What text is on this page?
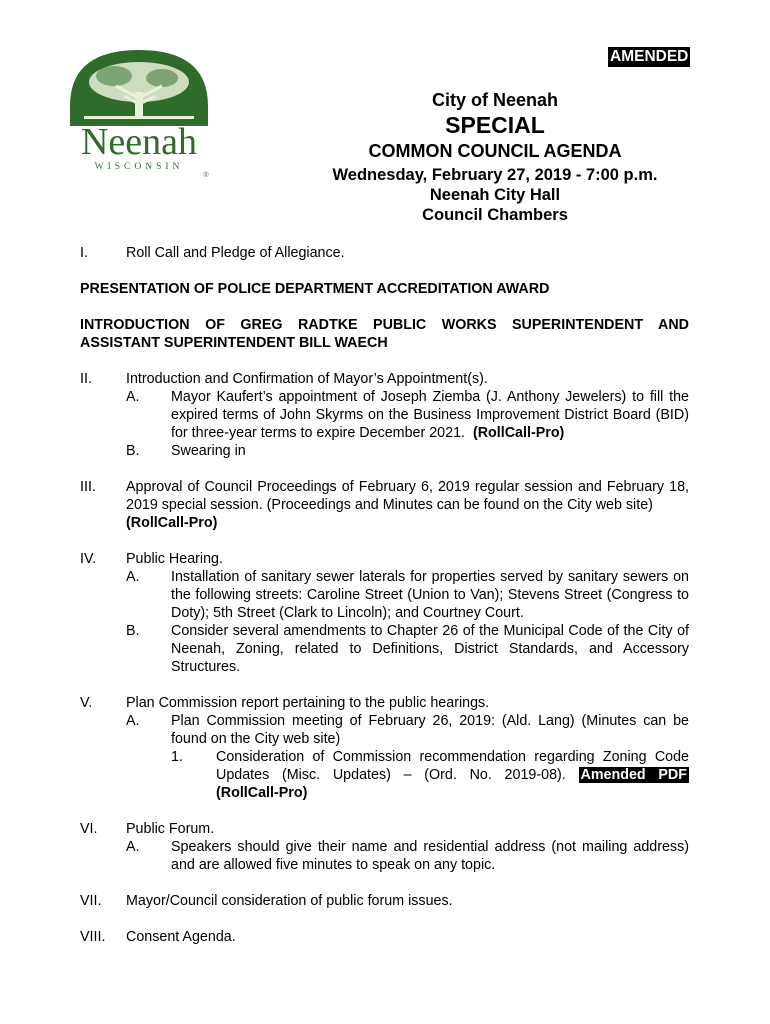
AMENDED
Neenah
WISCONSIN
®
City of Neenah
SPECIAL
COMMON COUNCIL AGENDA
Wednesday, February 27, 2019 - 7:00 p.m.
Neenah City Hall
Council Chambers
I.	Roll Call and Pledge of Allegiance.
PRESENTATION OF POLICE DEPARTMENT ACCREDITATION AWARD
INTRODUCTION OF GREG RADTKE PUBLIC WORKS SUPERINTENDENT AND
ASSISTANT SUPERINTENDENT BILL WAECH
II. Introduction and Confirmation of Mayor’s Appointment(s).
A. Mayor Kaufert’s appointment of Joseph Ziemba (J. Anthony Jewelers) to fill the expired terms of John Skyrms on the Business Improvement District Board (BID) for three-year terms to expire December 2021. (RollCall-Pro)
B. Swearing in
III. Approval of Council Proceedings of February 6, 2019 regular session and February 18, 2019 special session. (Proceedings and Minutes can be found on the City web site)
(RollCall-Pro)
IV. Public Hearing.
A. Installation of sanitary sewer laterals for properties served by sanitary sewers on the following streets: Caroline Street (Union to Van); Stevens Street (Congress to Doty); 5th Street (Clark to Lincoln); and Courtney Court.
B. Consider several amendments to Chapter 26 of the Municipal Code of the City of Neenah, Zoning, related to Definitions, District Standards, and Accessory Structures.
V. Plan Commission report pertaining to the public hearings.
A. Plan Commission meeting of February 26, 2019: (Ald. Lang) (Minutes can be found on the City web site)
1. Consideration of Commission recommendation regarding Zoning Code
Updates (Misc. Updates) – (Ord. No. 2019-08). Amended PDF
(RollCall-Pro)
VI. Public Forum.
A. Speakers should give their name and residential address (not mailing address) and are allowed five minutes to speak on any topic.
VII. Mayor/Council consideration of public forum issues.
VIII. Consent Agenda.
